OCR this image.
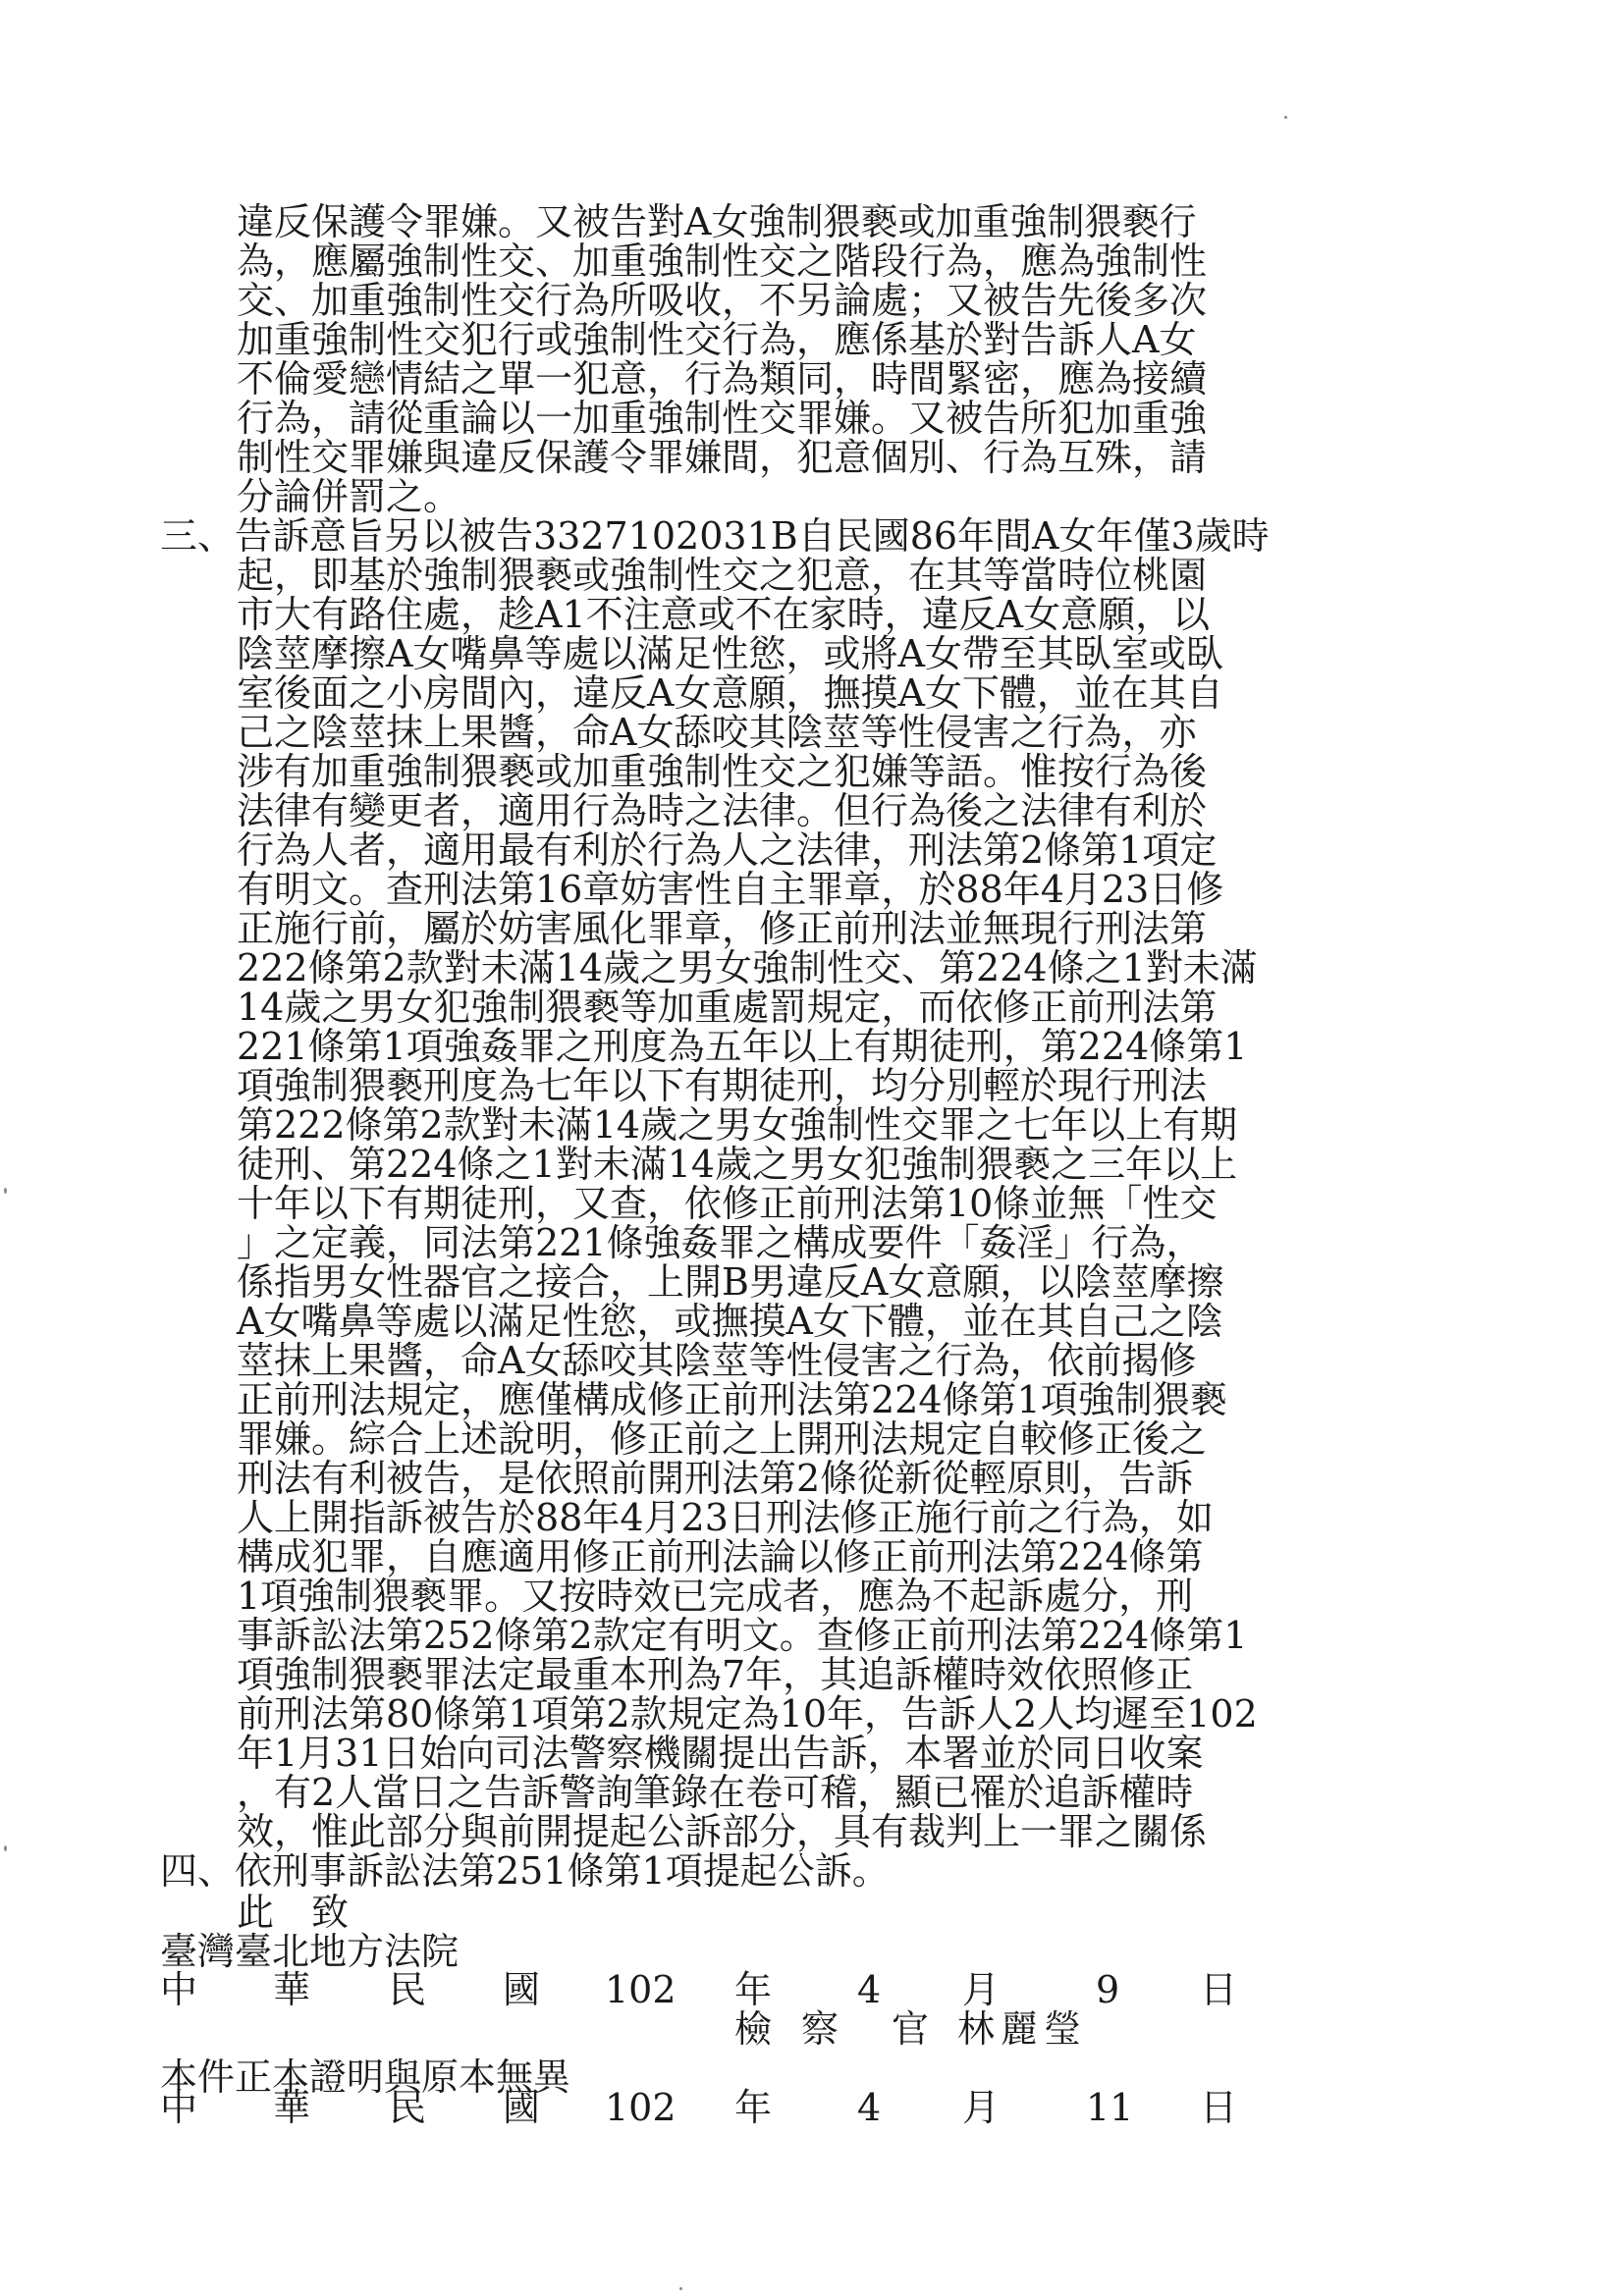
違反保護令罪嫌。又被告對A女強制猥褻或加重強制猥褻行
為，應屬強制性交、加重強制性交之階段行為，應為強制性
交、加重強制性交行為所吸收，不另論處；又被告先後多次
加重強制性交犯行或強制性交行為，應係基於對告訴人A女
不倫愛戀情結之單一犯意，行為類同，時間緊密，應為接續
行為，請從重論以一加重強制性交罪嫌。又被告所犯加重強
制性交罪嫌與違反保護令罪嫌間，犯意個別、行為互殊，請
分論併罰之。
三、告訴意旨另以被告3327102031B自民國86年間A女年僅3歲時
起，即基於強制猥褻或強制性交之犯意，在其等當時位桃園
市大有路住處，趁A1不注意或不在家時，違反A女意願，以
陰莖摩擦A女嘴鼻等處以滿足性慾，或將A女帶至其臥室或臥
室後面之小房間內，違反A女意願，撫摸A女下體，並在其自
己之陰莖抹上果醬，命A女舔咬其陰莖等性侵害之行為，亦
涉有加重強制猥褻或加重強制性交之犯嫌等語。惟按行為後
法律有變更者，適用行為時之法律。但行為後之法律有利於
行為人者，適用最有利於行為人之法律，刑法第2條第1項定
有明文。查刑法第16章妨害性自主罪章，於88年4月23日修
正施行前，屬於妨害風化罪章，修正前刑法並無現行刑法第
222條第2款對未滿14歲之男女強制性交、第224條之1對未滿
14歲之男女犯強制猥褻等加重處罰規定，而依修正前刑法第
221條第1項強姦罪之刑度為五年以上有期徒刑，第224條第1
項強制猥褻刑度為七年以下有期徒刑，均分別輕於現行刑法
第222條第2款對未滿14歲之男女強制性交罪之七年以上有期
徒刑、第224條之1對未滿14歲之男女犯強制猥褻之三年以上
十年以下有期徒刑，又查，依修正前刑法第10條並無「性交
」之定義，同法第221條強姦罪之構成要件「姦淫」行為，
係指男女性器官之接合，上開B男違反A女意願，以陰莖摩擦
A女嘴鼻等處以滿足性慾，或撫摸A女下體，並在其自己之陰
莖抹上果醬，命A女舔咬其陰莖等性侵害之行為，依前揭修
正前刑法規定，應僅構成修正前刑法第224條第1項強制猥褻
罪嫌。綜合上述說明，修正前之上開刑法規定自較修正後之
刑法有利被告，是依照前開刑法第2條從新從輕原則，告訴
人上開指訴被告於88年4月23日刑法修正施行前之行為，如
構成犯罪，自應適用修正前刑法論以修正前刑法第224條第
1項強制猥褻罪。又按時效已完成者，應為不起訴處分，刑
事訴訟法第252條第2款定有明文。查修正前刑法第224條第1
項強制猥褻罪法定最重本刑為7年，其追訴權時效依照修正
前刑法第80條第1項第2款規定為10年，告訴人2人均遲至102
年1月31日始向司法警察機關提出告訴，本署並於同日收案
，有2人當日之告訴警詢筆錄在卷可稽，顯已罹於追訴權時
效，惟此部分與前開提起公訴部分，具有裁判上一罪之關係
四、依刑事訴訟法第251條第1項提起公訴。
此　致
臺灣臺北地方法院
中 華 民 國 102 年 4 月	9 日
檢 察 官 林麗瑩
本件正本證明與原本無異
中 華 民 國 102 年 4 月 11 日
